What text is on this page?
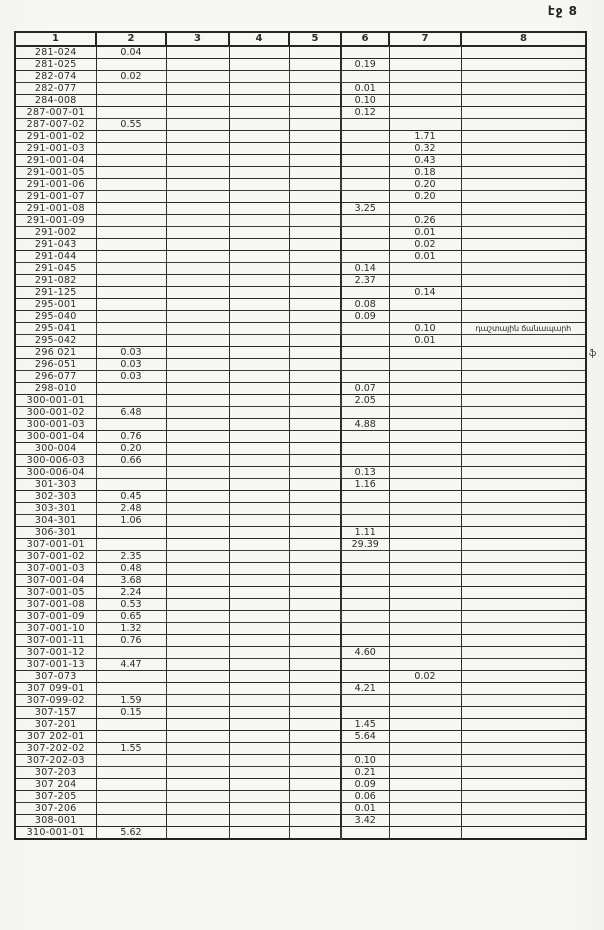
էջ 8
1	2	3	4	5	6	7	8
281-024	0.04						
281-025					0.19		
282-074	0.02						
282-077					0.01		
284-008					0.10		
287-007-01					0.12		
287-007-02	0.55						
291-001-02						1.71	
291-001-03						0.32	
291-001-04						0.43	
291-001-05						0.18	
291-001-06						0.20	
291-001-07						0.20	
291-001-08					3.25		
291-001-09						0.26	
291-002						0.01	
291-043						0.02	
291-044						0.01	
291-045					0.14		
291-082					2.37		
291-125						0.14	
295-001					0.08		
295-040					0.09		
295-041						0.10	դաշտային ճանապարհ
295-042						0.01	
296 021	0.03						
296-051	0.03						
296-077	0.03						
298-010					0.07		
300-001-01					2.05		
300-001-02	6.48						
300-001-03					4.88		
300-001-04	0.76						
300-004	0.20						
300-006-03	0.66						
300-006-04					0.13		
301-303					1.16		
302-303	0.45						
303-301	2.48						
304-301	1.06						
306-301					1.11		
307-001-01					29.39		
307-001-02	2.35						
307-001-03	0.48						
307-001-04	3.68						
307-001-05	2.24						
307-001-08	0.53						
307-001-09	0.65						
307-001-10	1.32						
307-001-11	0.76						
307-001-12					4.60		
307-001-13	4.47						
307-073						0.02	
307 099-01					4.21		
307-099-02	1.59						
307-157	0.15						
307-201					1.45		
307 202-01					5.64		
307-202-02	1.55						
307-202-03					0.10		
307-203					0.21		
307 204					0.09		
307-205					0.06		
307-206					0.01		
308-001					3.42		
310-001-01	5.62						
ֆ
